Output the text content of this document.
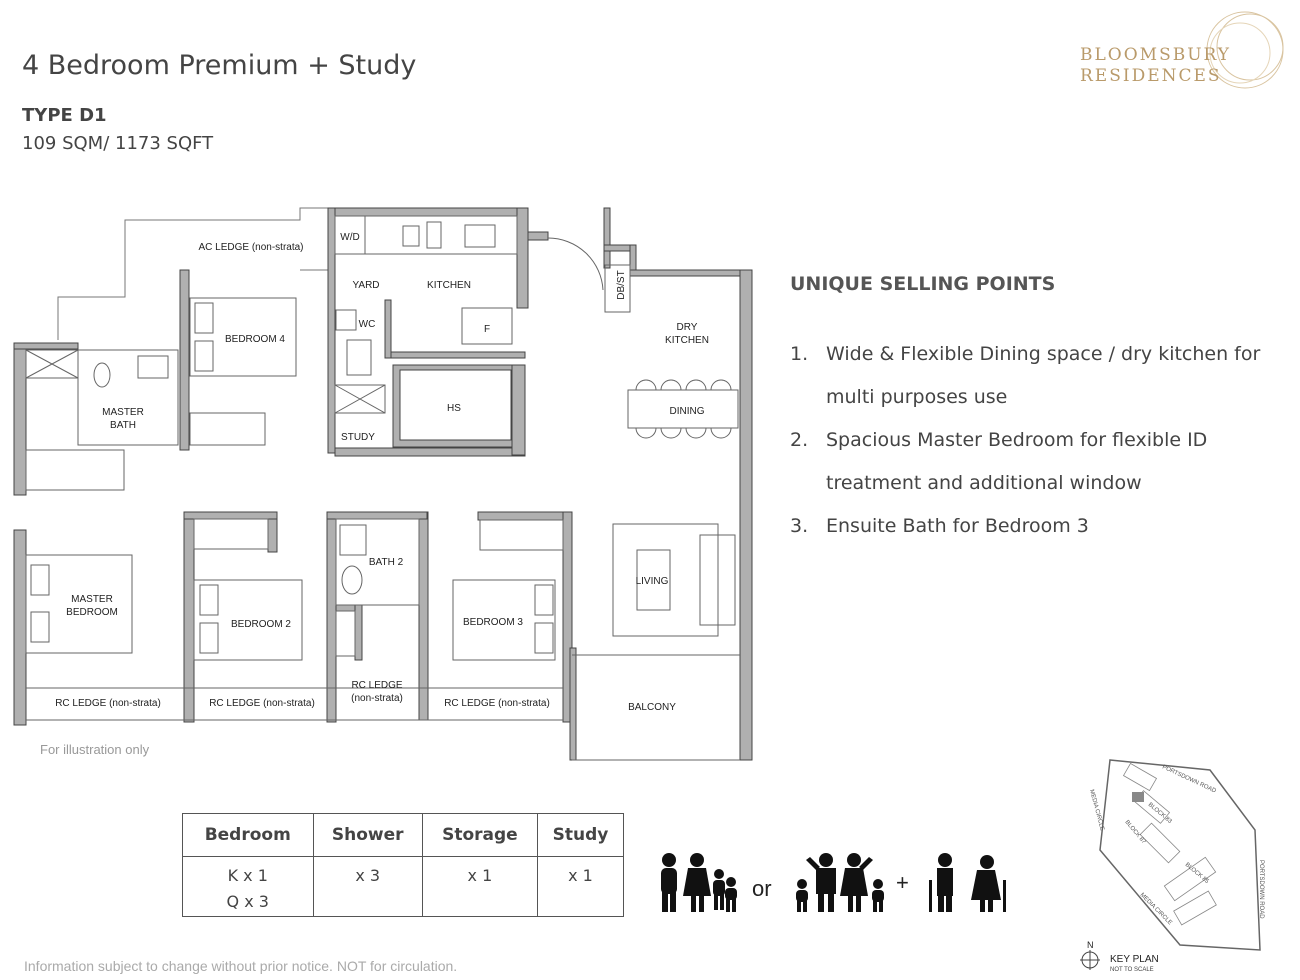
4 Bedroom Premium + Study
TYPE D1
109 SQM/ 1173 SQFT
BLOOMSBURY
RESIDENCES
AC LEDGE (non-strata)
W/D
YARD	KITCHEN	DB/ST
WC	F	DRY
KITCHEN
BEDROOM 4
MASTER
BATH
HS	DINING
STUDY
BATH 2
MASTER
BEDROOM
BEDROOM 2	BEDROOM 3
LIVING
RC LEDGE (non-strata)	RC LEDGE (non-strata)
RC LEDGE
(non-strata)	RC LEDGE (non-strata)	BALCONY
For illustration only
UNIQUE SELLING POINTS
1. Wide & Flexible Dining space / dry kitchen for multi purposes use
2. Spacious Master Bedroom for flexible ID treatment and additional window
3. Ensuite Bath for Bedroom 3
Bedroom	Shower	Storage	Study

K x 1
Q x 3	x 3	x 1	x 1
or	+
PORTSDOWN ROAD
PORTSDOWN ROAD
MEDIA CIRCLE
MEDIA CIRCLE
BLOCK 87
BLOCK 85
BLOCK 83
N
KEY PLAN
NOT TO SCALE
Information subject to change without prior notice. NOT for circulation.
